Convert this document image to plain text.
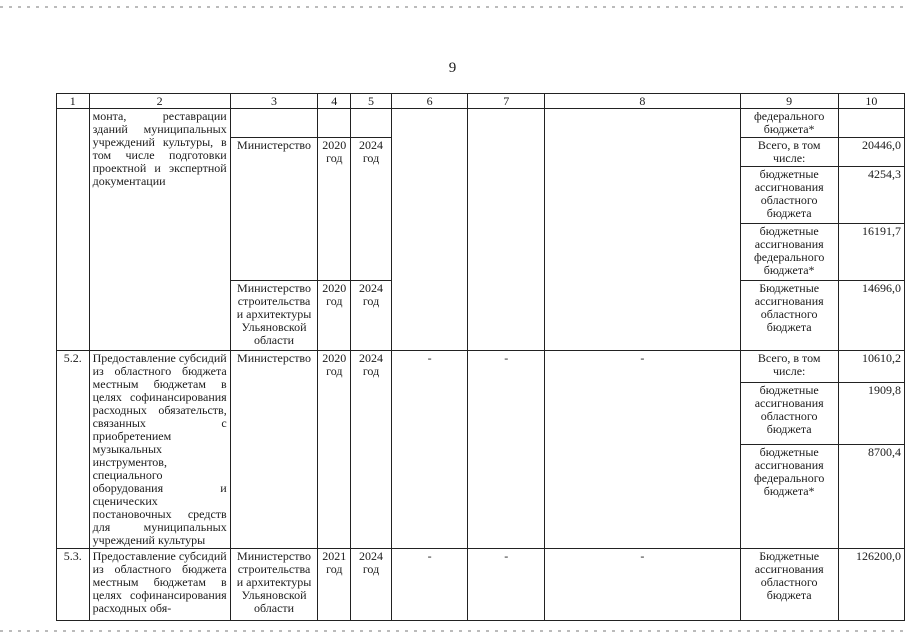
9
1	2	3	4	5	6	7	8	9	10
	монта, реставрации зданий муниципальных учреждений культуры, в том числе подготовки проектной и экспертной документации							федерального бюджета*	
		Министерство	2020 год	2024 год				Всего, в том числе:	20446,0
								бюджетные ассигнования областного бюджета	4254,3
								бюджетные ассигнования федерального бюджета*	16191,7
		Министерство строительства и архитектуры Ульяновской области	2020 год	2024 год				Бюджетные ассигнования областного бюджета	14696,0
5.2.	Предоставление субсидий из областного бюджета местным бюджетам в целях софинансирования расходных обязательств, связанных с приобретением музыкальных инструментов, специального оборудования и сценических постановочных средств для муниципальных учреждений культуры	Министерство	2020 год	2024 год	-	-	-	Всего, в том числе:	10610,2
								бюджетные ассигнования областного бюджета	1909,8
								бюджетные ассигнования федерального бюджета*	8700,4
5.3.	Предоставление субсидий из областного бюджета местным бюджетам в целях софинансирования расходных обя-	Министерство строительства и архитектуры Ульяновской области	2021 год	2024 год	-	-	-	Бюджетные ассигнования областного бюджета	126200,0
